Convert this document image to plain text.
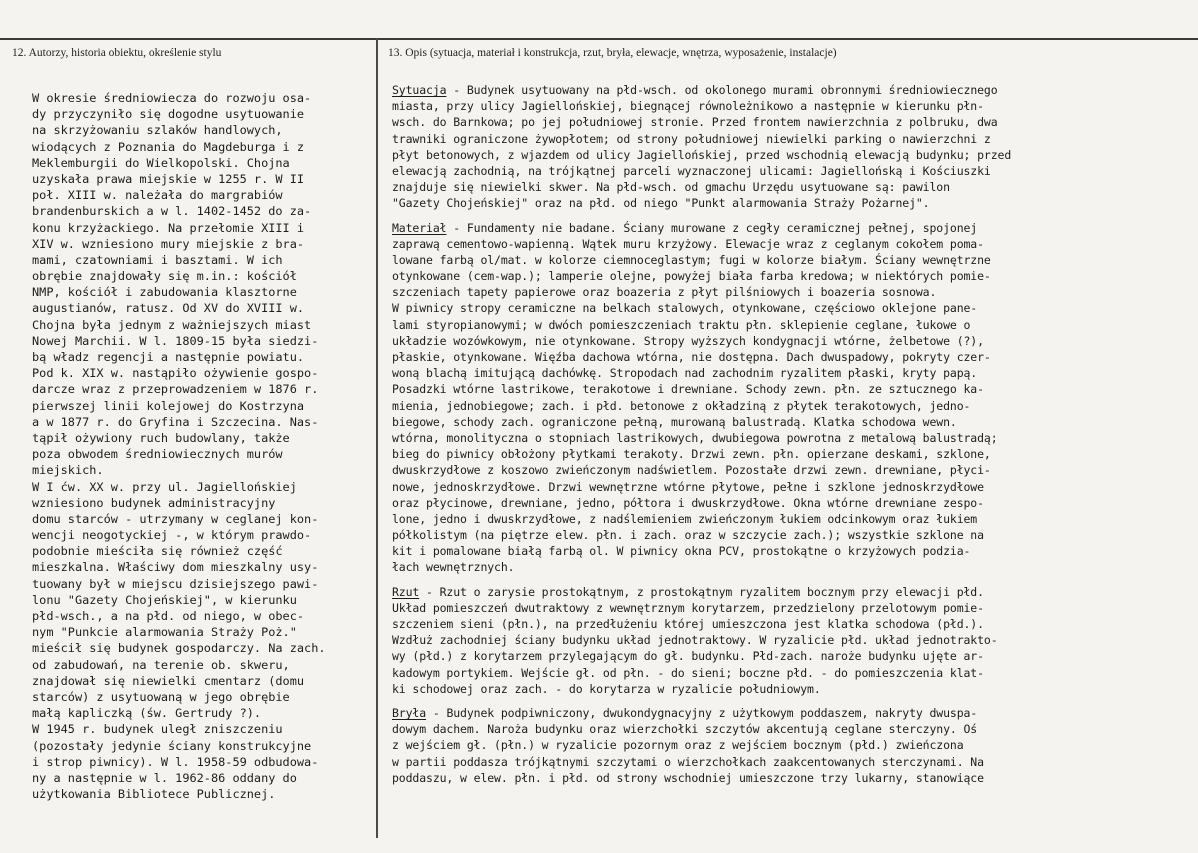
12. Autorzy, historia obiektu, określenie stylu	13. Opis (sytuacja, materiał i konstrukcja, rzut, bryła, elewacje, wnętrza, wyposażenie, instalacje)
W okresie średniowiecza do rozwoju osa-
dy przyczyniło się dogodne usytuowanie
na skrzyżowaniu szlaków handlowych,
wiodących z Poznania do Magdeburga i z
Meklemburgii do Wielkopolski. Chojna
uzyskała prawa miejskie w 1255 r. W II
poł. XIII w. należała do margrabiów
brandenburskich a w l. 1402-1452 do za-
konu krzyżackiego. Na przełomie XIII i
XIV w. wzniesiono mury miejskie z bra-
mami, czatowniami i basztami. W ich
obrębie znajdowały się m.in.: kościół
NMP, kościół i zabudowania klasztorne
augustianów, ratusz. Od XV do XVIII w.
Chojna była jednym z ważniejszych miast
Nowej Marchii. W l. 1809-15 była siedzi-
bą władz regencji a następnie powiatu.
Pod k. XIX w. nastąpiło ożywienie gospo-
darcze wraz z przeprowadzeniem w 1876 r.
pierwszej linii kolejowej do Kostrzyna
a w 1877 r. do Gryfina i Szczecina. Nas-
tąpił ożywiony ruch budowlany, także
poza obwodem średniowiecznych murów
miejskich.
W I ćw. XX w. przy ul. Jagiellońskiej
wzniesiono budynek administracyjny
domu starców - utrzymany w ceglanej kon-
wencji neogotyckiej -, w którym prawdo-
podobnie mieściła się również część
mieszkalna. Właściwy dom mieszkalny usy-
tuowany był w miejscu dzisiejszego pawi-
lonu "Gazety Chojeńskiej", w kierunku
płd-wsch., a na płd. od niego, w obec-
nym "Punkcie alarmowania Straży Poż."
mieścił się budynek gospodarczy. Na zach.
od zabudowań, na terenie ob. skweru,
znajdował się niewielki cmentarz (domu
starców) z usytuowaną w jego obrębie
małą kapliczką (św. Gertrudy ?).
W 1945 r. budynek uległ zniszczeniu
(pozostały jedynie ściany konstrukcyjne
i strop piwnicy). W l. 1958-59 odbudowa-
ny a następnie w l. 1962-86 oddany do
użytkowania Bibliotece Publicznej.
Sytuacja - Budynek usytuowany na płd-wsch. od okolonego murami obronnymi średniowiecznego
miasta, przy ulicy Jagiellońskiej, biegnącej równoleżnikowo a następnie w kierunku płn-
wsch. do Barnkowa; po jej południowej stronie. Przed frontem nawierzchnia z polbruku, dwa
trawniki ograniczone żywopłotem; od strony południowej niewielki parking o nawierzchni z
płyt betonowych, z wjazdem od ulicy Jagiellońskiej, przed wschodnią elewacją budynku; przed
elewacją zachodnią, na trójkątnej parceli wyznaczonej ulicami: Jagiellońską i Kościuszki
znajduje się niewielki skwer. Na płd-wsch. od gmachu Urzędu usytuowane są: pawilon
"Gazety Chojeńskiej" oraz na płd. od niego "Punkt alarmowania Straży Pożarnej".
Materiał - Fundamenty nie badane. Ściany murowane z cegły ceramicznej pełnej, spojonej
zaprawą cementowo-wapienną. Wątek muru krzyżowy. Elewacje wraz z ceglanym cokołem poma-
lowane farbą ol/mat. w kolorze ciemnoceglastym; fugi w kolorze białym. Ściany wewnętrzne
otynkowane (cem-wap.); lamperie olejne, powyżej biała farba kredowa; w niektórych pomie-
szczeniach tapety papierowe oraz boazeria z płyt pilśniowych i boazeria sosnowa.
W piwnicy stropy ceramiczne na belkach stalowych, otynkowane, częściowo oklejone pane-
lami styropianowymi; w dwóch pomieszczeniach traktu płn. sklepienie ceglane, łukowe o
układzie wozówkowym, nie otynkowane. Stropy wyższych kondygnacji wtórne, żelbetowe (?),
płaskie, otynkowane. Więźba dachowa wtórna, nie dostępna. Dach dwuspadowy, pokryty czer-
woną blachą imitującą dachówkę. Stropodach nad zachodnim ryzalitem płaski, kryty papą.
Posadzki wtórne lastrikowe, terakotowe i drewniane. Schody zewn. płn. ze sztucznego ka-
mienia, jednobiegowe; zach. i płd. betonowe z okładziną z płytek terakotowych, jedno-
biegowe, schody zach. ograniczone pełną, murowaną balustradą. Klatka schodowa wewn.
wtórna, monolityczna o stopniach lastrikowych, dwubiegowa powrotna z metalową balustradą;
bieg do piwnicy obłożony płytkami terakoty. Drzwi zewn. płn. opierzane deskami, szklone,
dwuskrzydłowe z koszowo zwieńczonym nadświetlem. Pozostałe drzwi zewn. drewniane, płyci-
nowe, jednoskrzydłowe. Drzwi wewnętrzne wtórne płytowe, pełne i szklone jednoskrzydłowe
oraz płycinowe, drewniane, jedno, półtora i dwuskrzydłowe. Okna wtórne drewniane zespo-
lone, jedno i dwuskrzydłowe, z nadślemieniem zwieńczonym łukiem odcinkowym oraz łukiem
półkolistym (na piętrze elew. płn. i zach. oraz w szczycie zach.); wszystkie szklone na
kit i pomalowane białą farbą ol. W piwnicy okna PCV, prostokątne o krzyżowych podzia-
łach wewnętrznych.
Rzut - Rzut o zarysie prostokątnym, z prostokątnym ryzalitem bocznym przy elewacji płd.
Układ pomieszczeń dwutraktowy z wewnętrznym korytarzem, przedzielony przelotowym pomie-
szczeniem sieni (płn.), na przedłużeniu której umieszczona jest klatka schodowa (płd.).
Wzdłuż zachodniej ściany budynku układ jednotraktowy. W ryzalicie płd. układ jednotrakto-
wy (płd.) z korytarzem przylegającym do gł. budynku. Płd-zach. naroże budynku ujęte ar-
kadowym portykiem. Wejście gł. od płn. - do sieni; boczne płd. - do pomieszczenia klat-
ki schodowej oraz zach. - do korytarza w ryzalicie południowym.
Bryła - Budynek podpiwniczony, dwukondygnacyjny z użytkowym poddaszem, nakryty dwuspa-
dowym dachem. Naroża budynku oraz wierzchołki szczytów akcentują ceglane sterczyny. Oś
z wejściem gł. (płn.) w ryzalicie pozornym oraz z wejściem bocznym (płd.) zwieńczona
w partii poddasza trójkątnymi szczytami o wierzchołkach zaakcentowanych sterczynami. Na
poddaszu, w elew. płn. i płd. od strony wschodniej umieszczone trzy lukarny, stanowiące
